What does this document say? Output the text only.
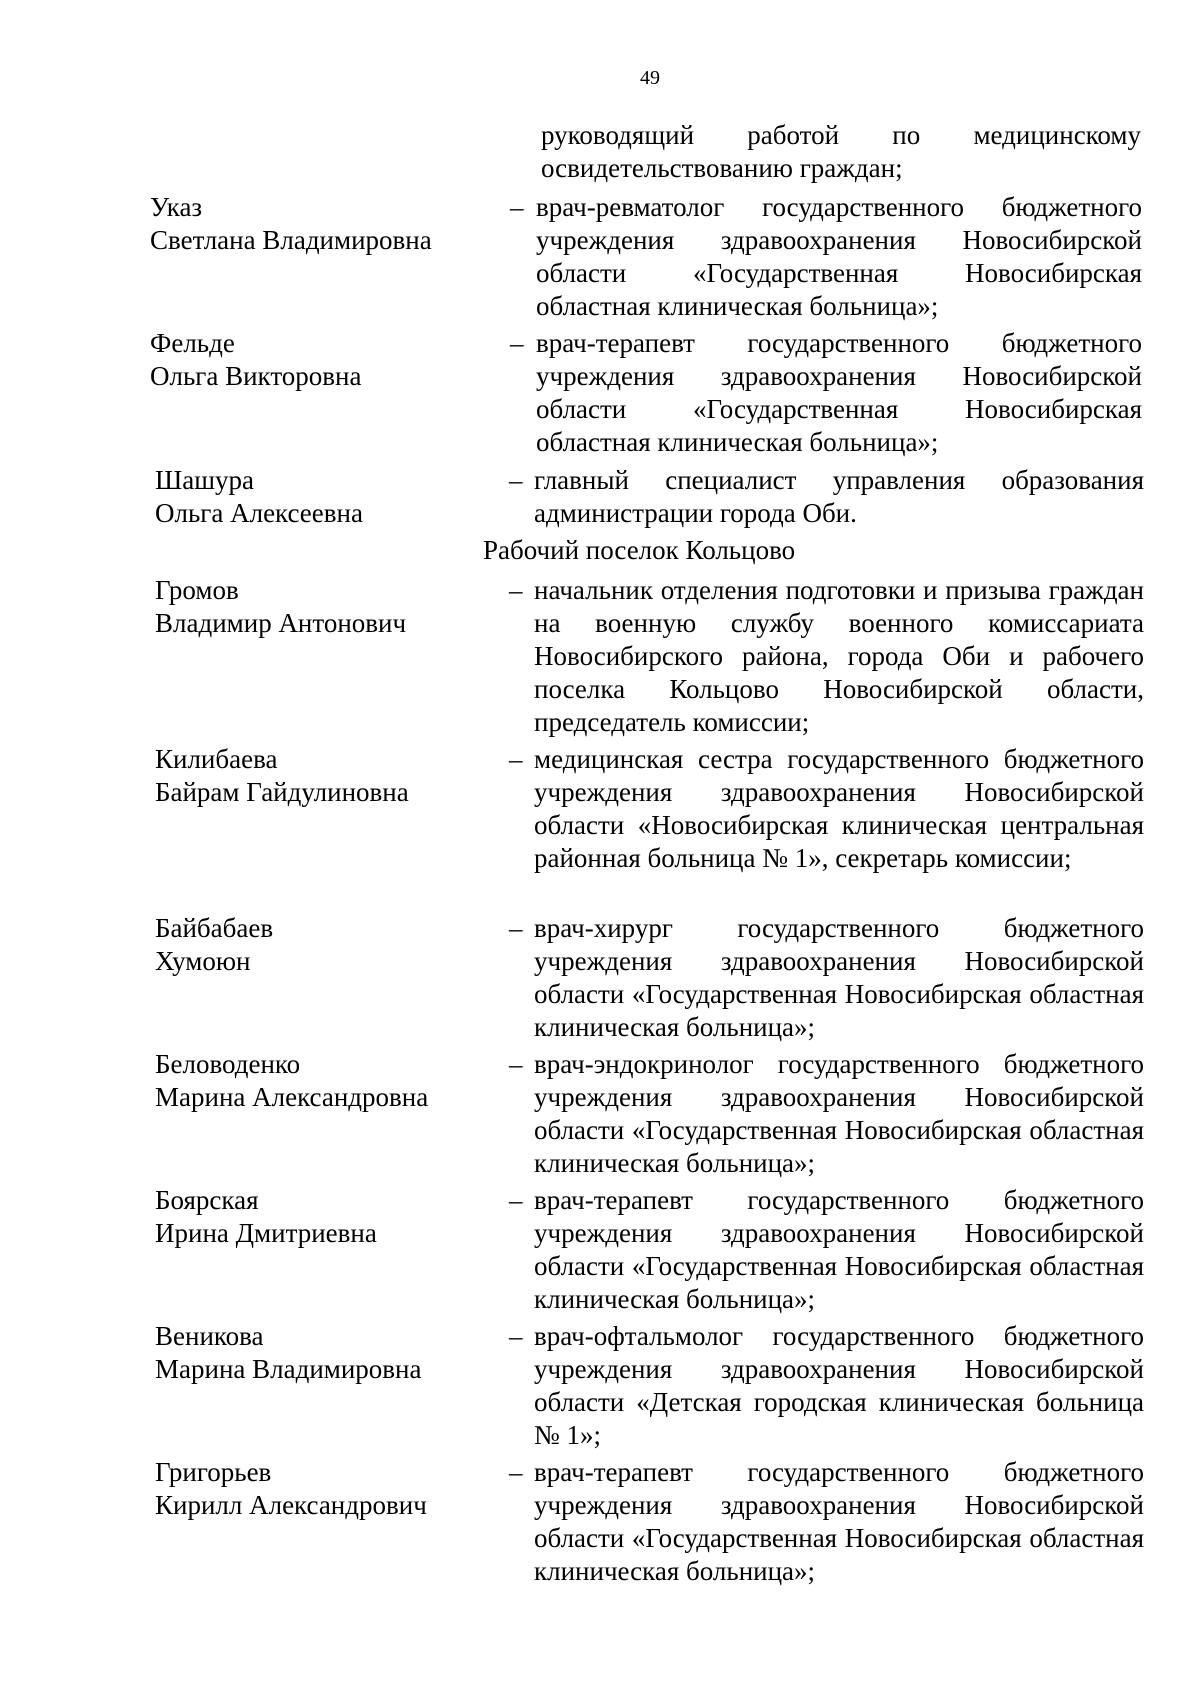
49
руководящий работой по медицинскому освидетельствованию граждан;
Указ
Светлана Владимировна
– врач-ревматолог государственного бюджетного учреждения здравоохранения Новосибирской области «Государственная Новосибирская областная клиническая больница»;
Фельде
Ольга Викторовна
– врач-терапевт государственного бюджетного учреждения здравоохранения Новосибирской области «Государственная Новосибирская областная клиническая больница»;
Шашура
Ольга Алексеевна
– главный специалист управления образования администрации города Оби.
Рабочий поселок Кольцово
Громов
Владимир Антонович
– начальник отделения подготовки и призыва граждан на военную службу военного комиссариата Новосибирского района, города Оби и рабочего поселка Кольцово Новосибирской области, председатель комиссии;
Килибаева
Байрам Гайдулиновна
– медицинская сестра государственного бюджетного учреждения здравоохранения Новосибирской области «Новосибирская клиническая центральная районная больница № 1», секретарь комиссии;
Байбабаев
Хумоюн
– врач-хирург государственного бюджетного учреждения здравоохранения Новосибирской области «Государственная Новосибирская областная клиническая больница»;
Беловоденко
Марина Александровна
– врач-эндокринолог государственного бюджетного учреждения здравоохранения Новосибирской области «Государственная Новосибирская областная клиническая больница»;
Боярская
Ирина Дмитриевна
– врач-терапевт государственного бюджетного учреждения здравоохранения Новосибирской области «Государственная Новосибирская областная клиническая больница»;
Веникова
Марина Владимировна
– врач-офтальмолог государственного бюджетного учреждения здравоохранения Новосибирской области «Детская городская клиническая больница № 1»;
Григорьев
Кирилл Александрович
– врач-терапевт государственного бюджетного учреждения здравоохранения Новосибирской области «Государственная Новосибирская областная клиническая больница»;
